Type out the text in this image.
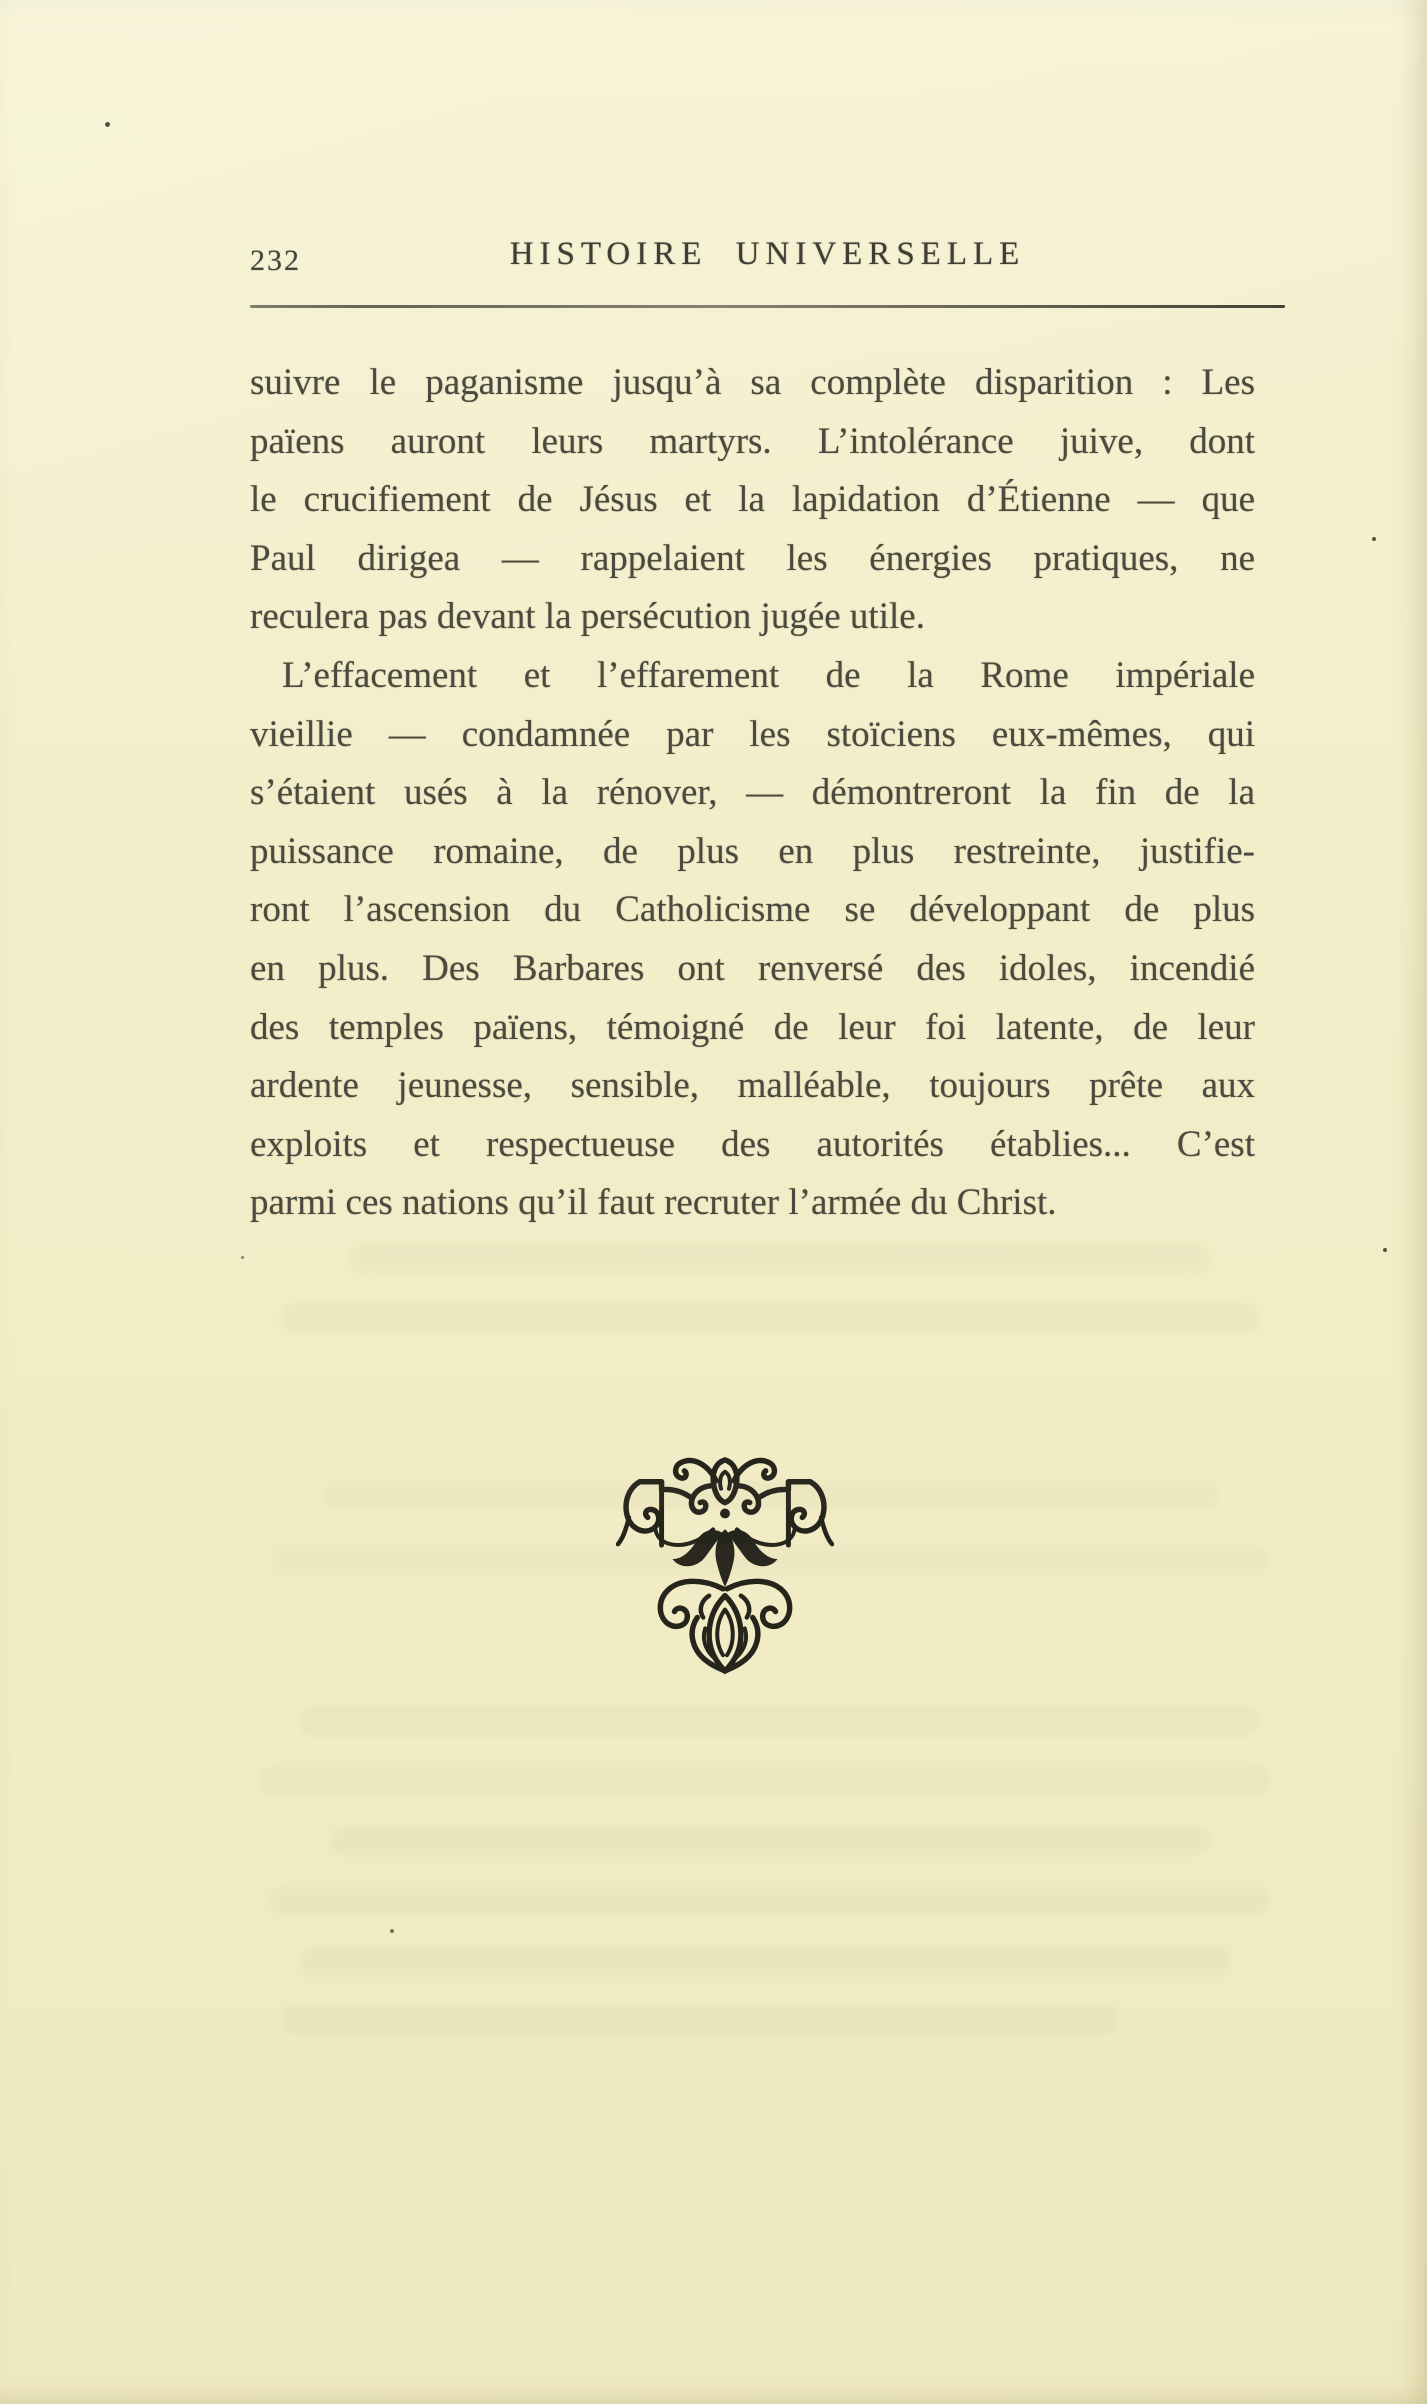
232	HISTOIRE UNIVERSELLE
suivre le paganisme jusqu’à sa complète disparition : Les
païens auront leurs martyrs. L’intolérance juive, dont
le crucifiement de Jésus et la lapidation d’Étienne — que
Paul dirigea — rappelaient les énergies pratiques, ne
reculera pas devant la persécution jugée utile.
L’effacement et l’effarement de la Rome impériale
vieillie — condamnée par les stoïciens eux-mêmes, qui
s’étaient usés à la rénover, — démontreront la fin de la
puissance romaine, de plus en plus restreinte, justifie-
ront l’ascension du Catholicisme se développant de plus
en plus. Des Barbares ont renversé des idoles, incendié
des temples païens, témoigné de leur foi latente, de leur
ardente jeunesse, sensible, malléable, toujours prête aux
exploits et respectueuse des autorités établies... C’est
parmi ces nations qu’il faut recruter l’armée du Christ.
